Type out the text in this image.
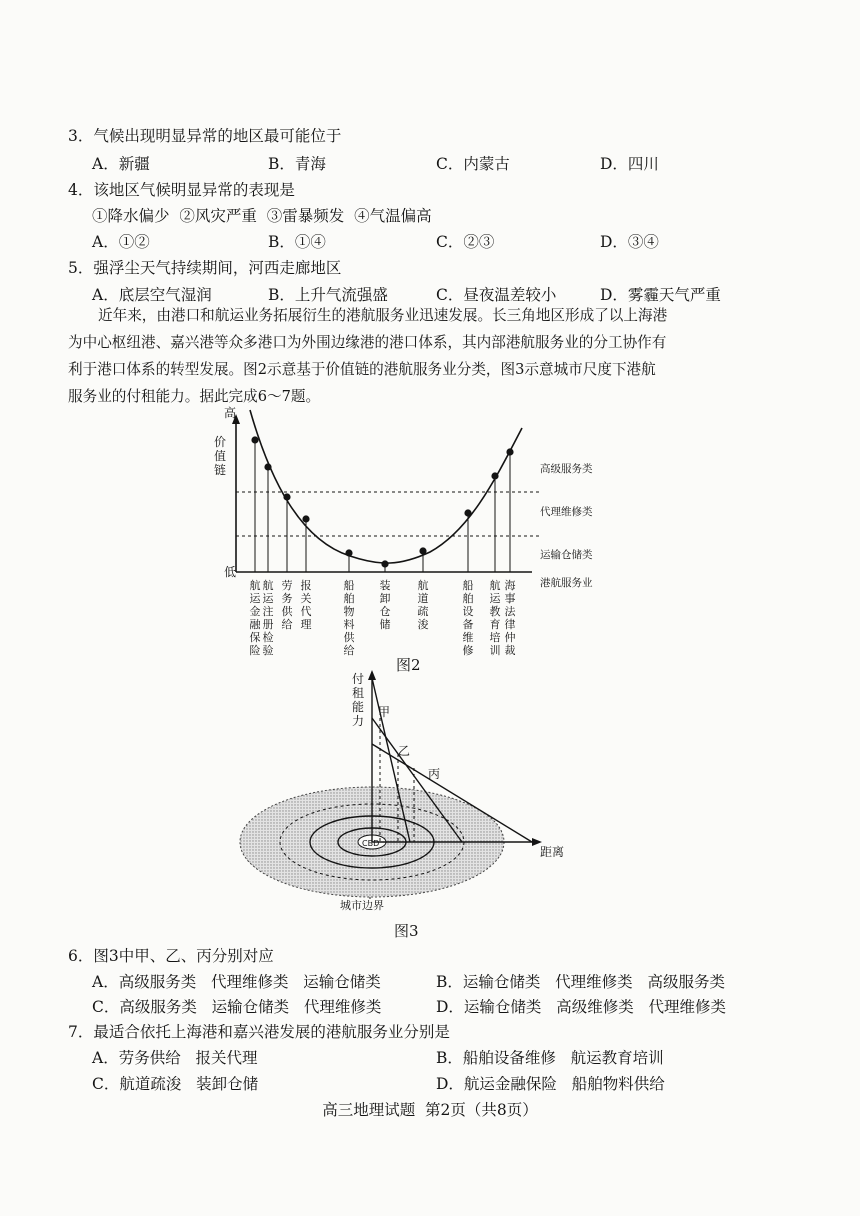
3．气候出现明显异常的地区最可能位于
A．新疆	B．青海	C．内蒙古	D．四川
4．该地区气候明显异常的表现是
①降水偏少  ②风灾严重  ③雷暴频发  ④气温偏高
A．①②	B．①④	C．②③	D．③④
5．强浮尘天气持续期间，河西走廊地区
A．底层空气湿润	B．上升气流强盛	C．昼夜温差较小	D．雾霾天气严重
近年来，由港口和航运业务拓展衍生的港航服务业迅速发展。长三角地区形成了以上海港
为中心枢纽港、嘉兴港等众多港口为外围边缘港的港口体系，其内部港航服务业的分工协作有
利于港口体系的转型发展。图2示意基于价值链的港航服务业分类，图3示意城市尺度下港航
服务业的付租能力。据此完成6～7题。
高
低
价值链	高级服务类
代理维修类
运输仓储类
港航服务业
航运金融保险
航运注册检验
劳务供给
报关代理
船舶物料供给
装卸仓储
航道疏浚
船舶设备维修
航运教育培训
海事法律仲裁
图2
CBD
付租能力
距离
甲
乙
丙
城市边界
图3
6．图3中甲、乙、丙分别对应
A．高级服务类   代理维修类   运输仓储类	B．运输仓储类   代理维修类   高级服务类
C．高级服务类   运输仓储类   代理维修类	D．运输仓储类   高级维修类   代理维修类
7．最适合依托上海港和嘉兴港发展的港航服务业分别是
A．劳务供给   报关代理	B．船舶设备维修   航运教育培训
C．航道疏浚   装卸仓储	D．航运金融保险   船舶物料供给
高三地理试题  第2页（共8页）
